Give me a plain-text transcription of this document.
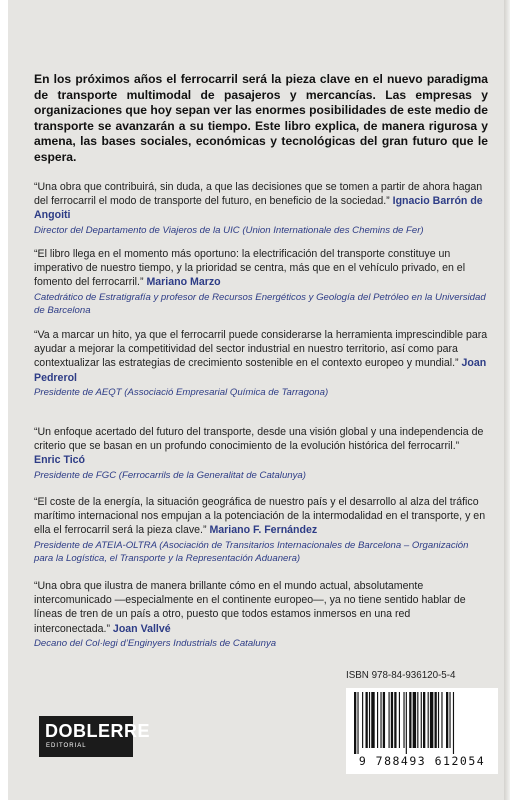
En los próximos años el ferrocarril será la pieza clave en el nuevo paradigma de transporte multimodal de pasajeros y mercancías. Las empresas y organizaciones que hoy sepan ver las enormes posibilidades de este medio de transporte se avanzarán a su tiempo. Este libro explica, de manera rigurosa y amena, las bases sociales, económicas y tecnológicas del gran futuro que le espera.

“Una obra que contribuirá, sin duda, a que las decisiones que se tomen a partir de ahora hagan del ferrocarril el modo de transporte del futuro, en beneficio de la sociedad.” Ignacio Barrón de Angoiti
Director del Departamento de Viajeros de la UIC (Union Internationale des Chemins de Fer)

“El libro llega en el momento más oportuno: la electrificación del transporte constituye un imperativo de nuestro tiempo, y la prioridad se centra, más que en el vehículo privado, en el fomento del ferrocarril.” Mariano Marzo
Catedrático de Estratigrafía y profesor de Recursos Energéticos y Geología del Petróleo en la Universidad de Barcelona

“Va a marcar un hito, ya que el ferrocarril puede considerarse la herramienta imprescindible para ayudar a mejorar la competitividad del sector industrial en nuestro territorio, así como para contextualizar las estrategias de crecimiento sostenible en el contexto europeo y mundial.” Joan Pedrerol
Presidente de AEQT (Associació Empresarial Química de Tarragona)

“Un enfoque acertado del futuro del transporte, desde una visión global y una independencia de criterio que se basan en un profundo conocimiento de la evolución histórica del ferrocarril.” Enric Ticó
Presidente de FGC (Ferrocarrils de la Generalitat de Catalunya)

“El coste de la energía, la situación geográfica de nuestro país y el desarrollo al alza del tráfico marítimo internacional nos empujan a la potenciación de la intermodalidad en el transporte, y en ella el ferrocarril será la pieza clave.” Mariano F. Fernández
Presidente de ATEIA-OLTRA (Asociación de Transitarios Internacionales de Barcelona – Organización para la Logística, el Transporte y la Representación Aduanera)

“Una obra que ilustra de manera brillante cómo en el mundo actual, absolutamente intercomunicado —especialmente en el continente europeo—, ya no tiene sentido hablar de líneas de tren de un país a otro, puesto que todos estamos inmersos en una red interconectada.” Joan Vallvé
Decano del Col·legi d’Enginyers Industrials de Catalunya

DOBLERRE
EDITORIAL
ISBN 978-84-936120-5-4
9 788493 612054
